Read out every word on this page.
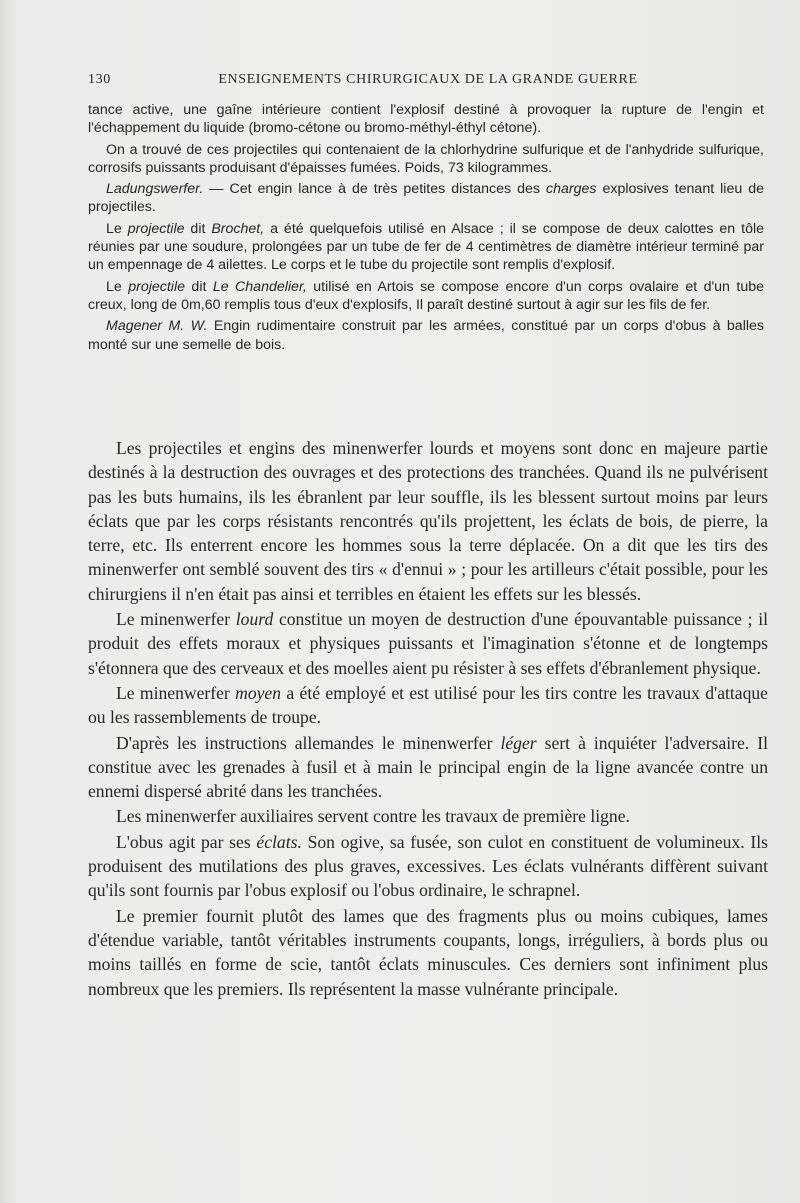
130	ENSEIGNEMENTS CHIRURGICAUX DE LA GRANDE GUERRE

tance active, une gaîne intérieure contient l'explosif destiné à provoquer la rupture de l'engin et l'échappement du liquide (bromo-cétone ou bromo-méthyl-éthyl cétone).

On a trouvé de ces projectiles qui contenaient de la chlorhydrine sulfurique et de l'anhydride sulfurique, corrosifs puissants produisant d'épaisses fumées. Poids, 73 kilogrammes.

Ladungswerfer. — Cet engin lance à de très petites distances des charges explosives tenant lieu de projectiles.

Le projectile dit Brochet, a été quelquefois utilisé en Alsace ; il se compose de deux calottes en tôle réunies par une soudure, prolongées par un tube de fer de 4 centimètres de diamètre intérieur terminé par un empennage de 4 ailettes. Le corps et le tube du projectile sont remplis d'explosif.

Le projectile dit Le Chandelier, utilisé en Artois se compose encore d'un corps ovalaire et d'un tube creux, long de 0m,60 remplis tous d'eux d'explosifs, Il paraît destiné surtout à agir sur les fils de fer.

Magener M. W. Engin rudimentaire construit par les armées, constitué par un corps d'obus à balles monté sur une semelle de bois.

Les projectiles et engins des minenwerfer lourds et moyens sont donc en majeure partie destinés à la destruction des ouvrages et des protections des tranchées. Quand ils ne pulvérisent pas les buts humains, ils les ébranlent par leur souffle, ils les blessent surtout moins par leurs éclats que par les corps résistants rencontrés qu'ils projettent, les éclats de bois, de pierre, la terre, etc. Ils enterrent encore les hommes sous la terre déplacée. On a dit que les tirs des minenwerfer ont semblé souvent des tirs « d'ennui » ; pour les artilleurs c'était possible, pour les chirurgiens il n'en était pas ainsi et terribles en étaient les effets sur les blessés.

Le minenwerfer lourd constitue un moyen de destruction d'une épouvantable puissance ; il produit des effets moraux et physiques puissants et l'imagination s'étonne et de longtemps s'étonnera que des cerveaux et des moelles aient pu résister à ses effets d'ébranlement physique.

Le minenwerfer moyen a été employé et est utilisé pour les tirs contre les travaux d'attaque ou les rassemblements de troupe.

D'après les instructions allemandes le minenwerfer léger sert à inquiéter l'adversaire. Il constitue avec les grenades à fusil et à main le principal engin de la ligne avancée contre un ennemi dispersé abrité dans les tranchées.

Les minenwerfer auxiliaires servent contre les travaux de première ligne.

L'obus agit par ses éclats. Son ogive, sa fusée, son culot en constituent de volumineux. Ils produisent des mutilations des plus graves, excessives. Les éclats vulnérants diffèrent suivant qu'ils sont fournis par l'obus explosif ou l'obus ordinaire, le schrapnel.

Le premier fournit plutôt des lames que des fragments plus ou moins cubiques, lames d'étendue variable, tantôt véritables instruments coupants, longs, irréguliers, à bords plus ou moins taillés en forme de scie, tantôt éclats minuscules. Ces derniers sont infiniment plus nombreux que les premiers. Ils représentent la masse vulnérante principale.
